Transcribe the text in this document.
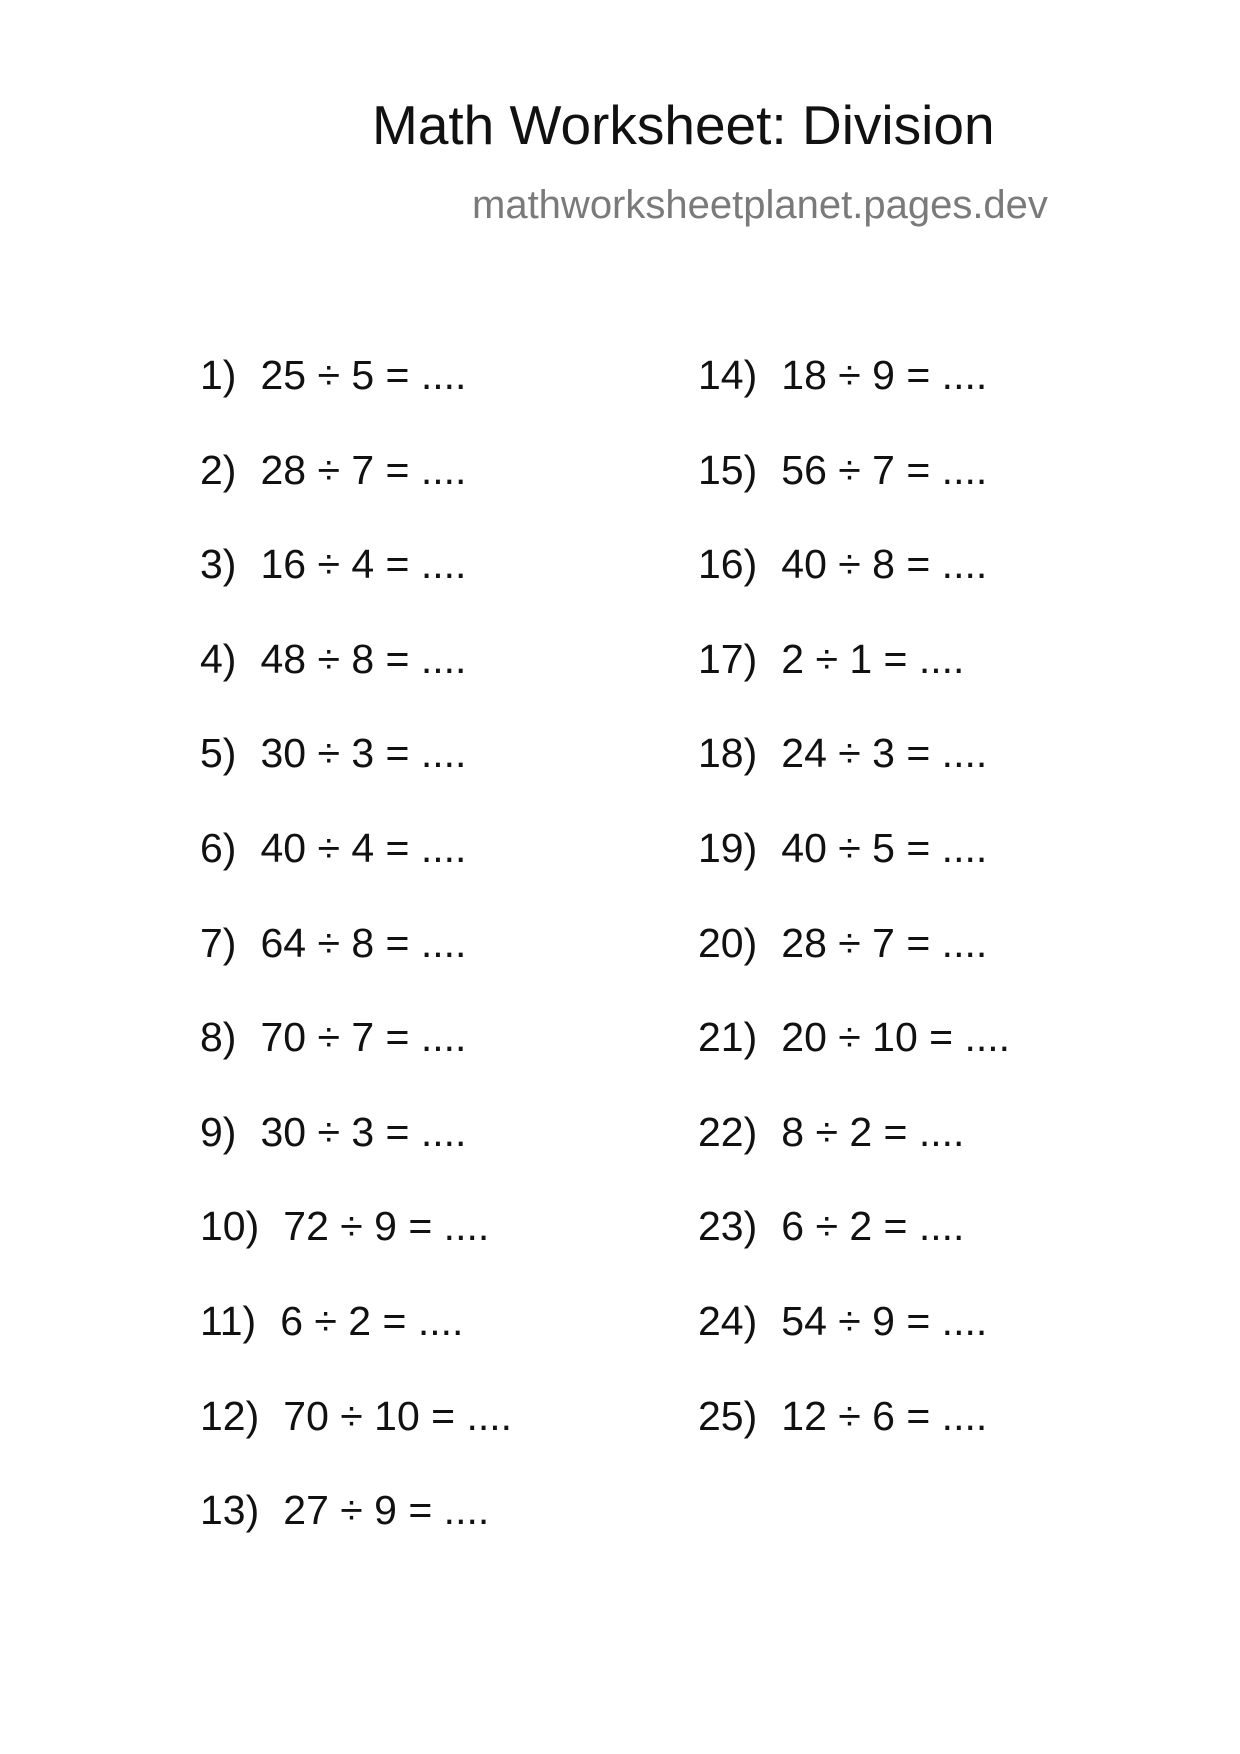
Math Worksheet: Division
mathworksheetplanet.pages.dev
1) 25 ÷ 5 = ....
2) 28 ÷ 7 = ....
3) 16 ÷ 4 = ....
4) 48 ÷ 8 = ....
5) 30 ÷ 3 = ....
6) 40 ÷ 4 = ....
7) 64 ÷ 8 = ....
8) 70 ÷ 7 = ....
9) 30 ÷ 3 = ....
10) 72 ÷ 9 = ....
11) 6 ÷ 2 = ....
12) 70 ÷ 10 = ....
13) 27 ÷ 9 = ....
14) 18 ÷ 9 = ....
15) 56 ÷ 7 = ....
16) 40 ÷ 8 = ....
17) 2 ÷ 1 = ....
18) 24 ÷ 3 = ....
19) 40 ÷ 5 = ....
20) 28 ÷ 7 = ....
21) 20 ÷ 10 = ....
22) 8 ÷ 2 = ....
23) 6 ÷ 2 = ....
24) 54 ÷ 9 = ....
25) 12 ÷ 6 = ....
